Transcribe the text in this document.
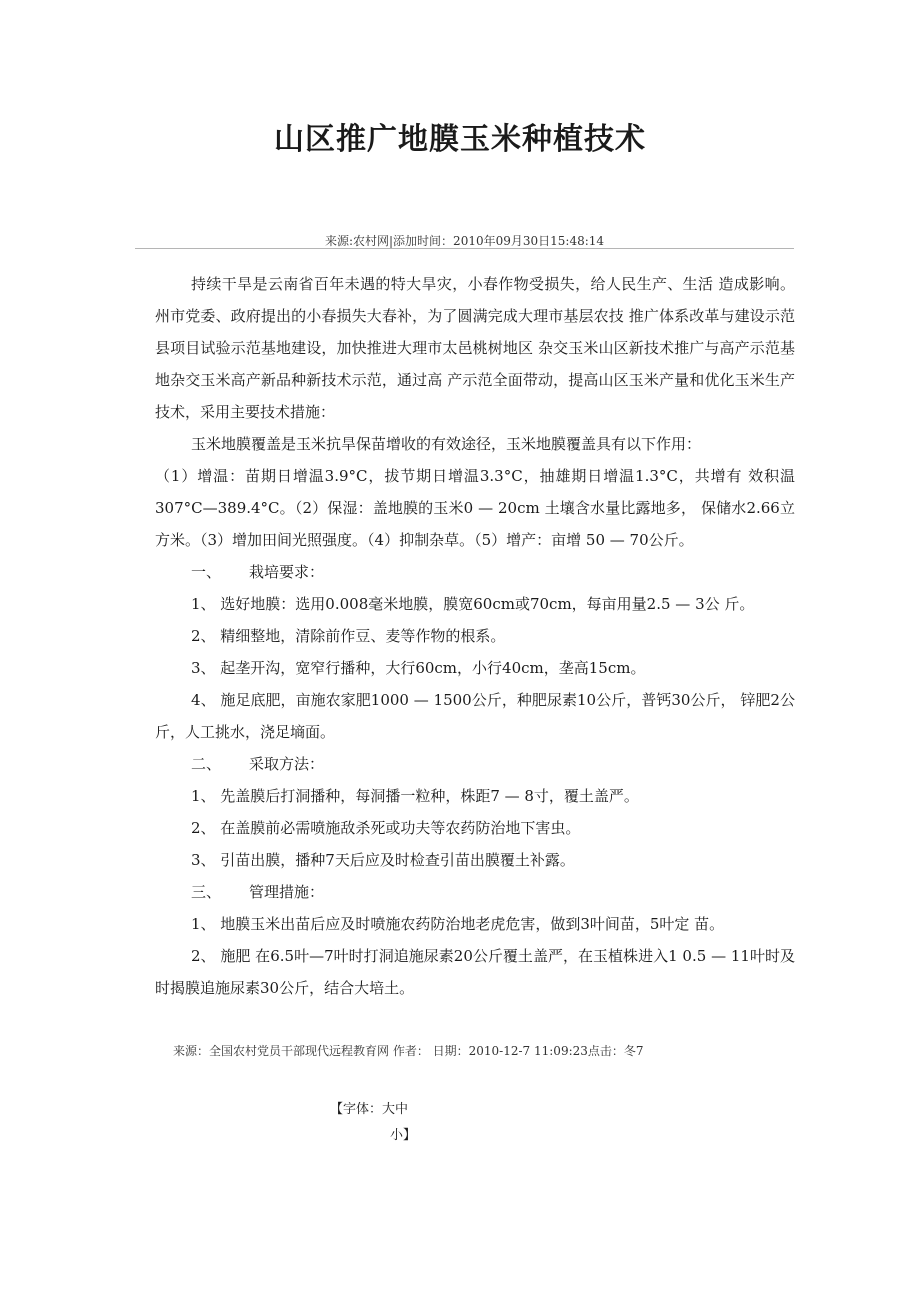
山区推广地膜玉米种植技术
来源:农村网|添加时间：2010年09月30日15:48:14

持续干旱是云南省百年未遇的特大旱灾，小春作物受损失，给人民生产、生活 造成影响。州市党委、政府提出的小春损失大春补，为了圆满完成大理市基层农技 推广体系改革与建设示范县项目试验示范基地建设，加快推进大理市太邑桃树地区 杂交玉米山区新技术推广与高产示范基地杂交玉米高产新品种新技术示范，通过高 产示范全面带动，提高山区玉米产量和优化玉米生产技术，采用主要技术措施：

玉米地膜覆盖是玉米抗旱保苗增收的有效途径，玉米地膜覆盖具有以下作用：

（1）增温：苗期日增温3.9°C，拔节期日增温3.3°C，抽雄期日增温1.3°C，共增有 效积温307°C—389.4°C。（2）保湿：盖地膜的玉米0 — 20cm 土壤含水量比露地多， 保储水2.66立方米。（3）增加田间光照强度。（4）抑制杂草。（5）增产：亩增 50 — 70公斤。

一、 栽培要求：

1、 选好地膜：选用0.008毫米地膜，膜宽60cm或70cm，每亩用量2.5 — 3公 斤。

2、 精细整地，清除前作豆、麦等作物的根系。

3、 起垄开沟，宽窄行播种，大行60cm，小行40cm，垄高15cm。

4、 施足底肥，亩施农家肥1000 — 1500公斤，种肥尿素10公斤，普钙30公斤， 锌肥2公斤，人工挑水，浇足墒面。

二、 采取方法：

1、 先盖膜后打洞播种，每洞播一粒种，株距7 — 8寸，覆土盖严。

2、 在盖膜前必需喷施敌杀死或功夫等农药防治地下害虫。

3、 引苗出膜，播种7天后应及时检查引苗出膜覆土补露。

三、 管理措施：

1、 地膜玉米出苗后应及时喷施农药防治地老虎危害，做到3叶间苗，5叶定 苗。

2、 施肥 在6.5叶—7叶时打洞追施尿素20公斤覆土盖严，在玉植株进入1 0.5 — 11叶时及时揭膜追施尿素30公斤，结合大培土。

来源：全国农村党员干部现代远程教育网 作者： 日期：2010-12-7 11:09:23点击：冬7
【字体：大中
小】
